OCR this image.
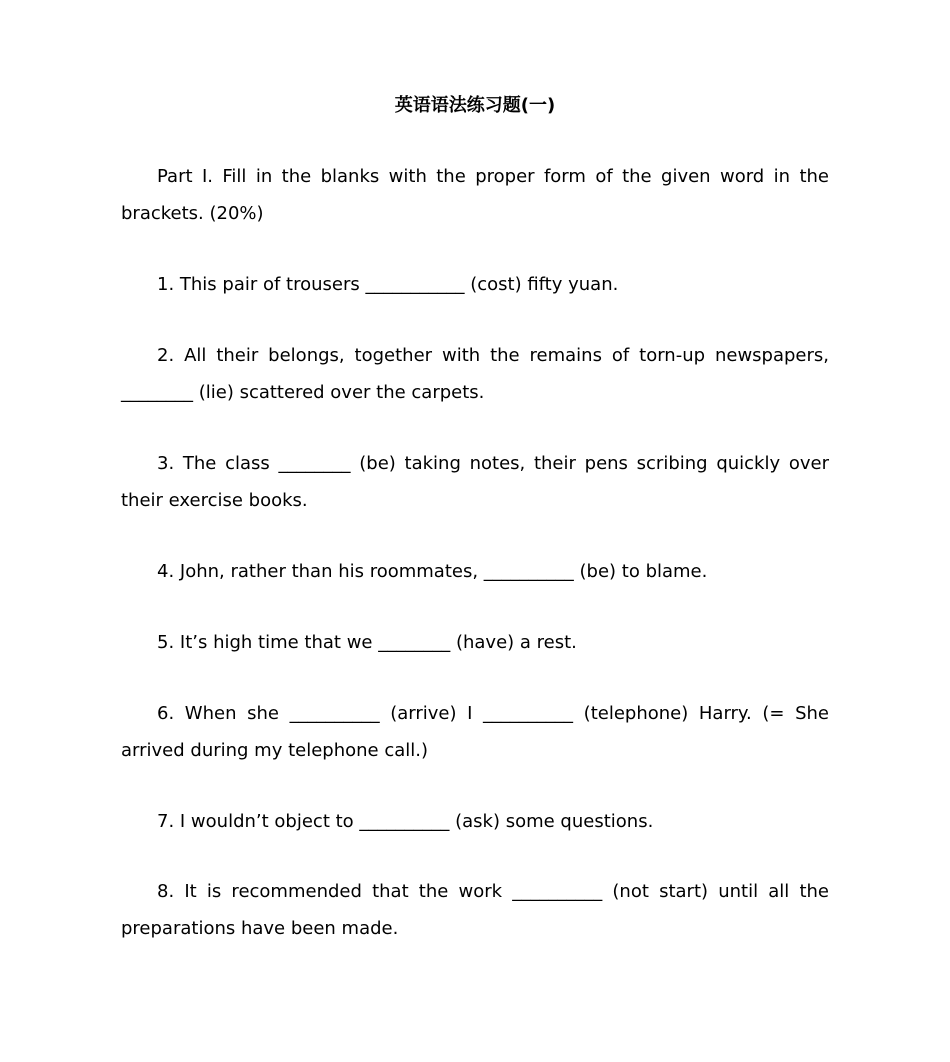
英语语法练习题(一)

Part I. Fill in the blanks with the proper form of the given word in the brackets. (20%)

1. This pair of trousers ___________ (cost) fifty yuan.

2. All their belongs, together with the remains of torn-up newspapers, ________ (lie) scattered over the carpets.

3. The class ________ (be) taking notes, their pens scribing quickly over their exercise books.

4. John, rather than his roommates, __________ (be) to blame.

5. It’s high time that we ________ (have) a rest.

6. When she __________ (arrive) I __________ (telephone) Harry. (= She arrived during my telephone call.)

7. I wouldn’t object to __________ (ask) some questions.

8. It is recommended that the work __________ (not start) until all the preparations have been made.
